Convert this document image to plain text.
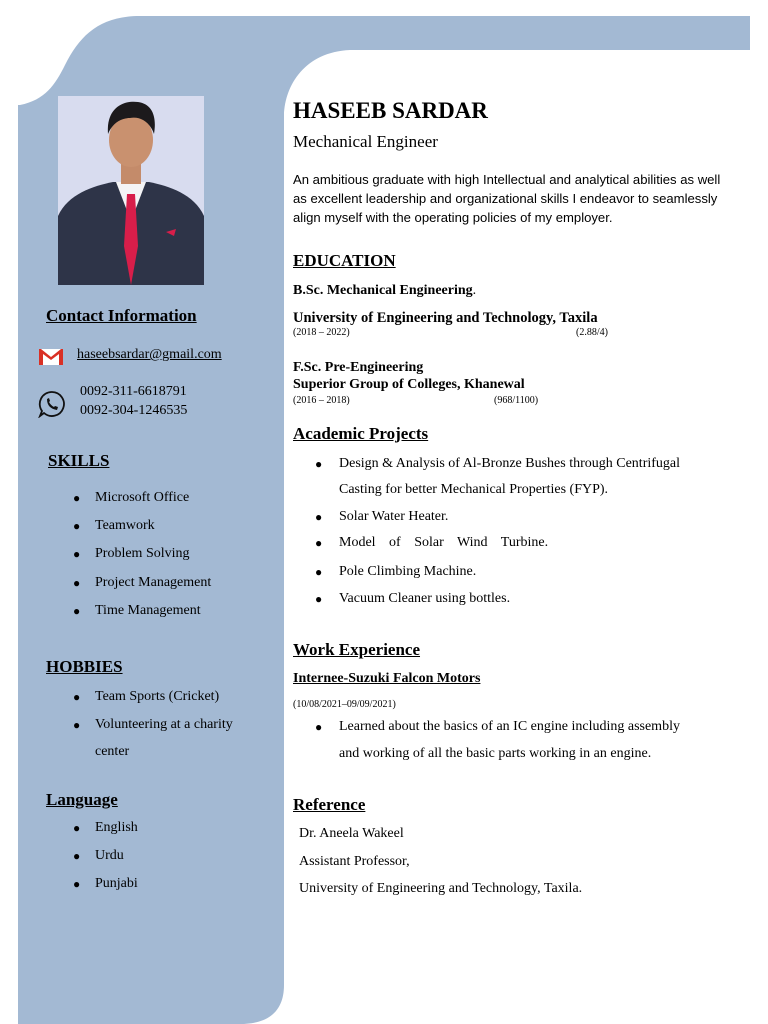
Contact Information
haseebsardar@gmail.com
0092-311-6618791
0092-304-1246535
SKILLS
● Microsoft Office
● Teamwork
● Problem Solving
● Project Management
● Time Management
HOBBIES
● Team Sports (Cricket)
● Volunteering at a charity
center
Language
● English
● Urdu
● Punjabi
HASEEB SARDAR
Mechanical Engineer
An ambitious graduate with high Intellectual and analytical abilities as well as excellent leadership and organizational skills I endeavor to seamlessly align myself with the operating policies of my employer.
EDUCATION
B.Sc. Mechanical Engineering.
University of Engineering and Technology, Taxila
(2018 – 2022)	(2.88/4)
F.Sc. Pre-Engineering
Superior Group of Colleges, Khanewal
(2016 – 2018)	(968/1100)
Academic Projects
● Design & Analysis of Al-Bronze Bushes through Centrifugal
Casting for better Mechanical Properties (FYP).
● Solar Water Heater.
● Model of Solar Wind Turbine.
● Pole Climbing Machine.
● Vacuum Cleaner using bottles.
Work Experience
Internee-Suzuki Falcon Motors
(10/08/2021–09/09/2021)
● Learned about the basics of an IC engine including assembly
and working of all the basic parts working in an engine.
Reference
Dr. Aneela Wakeel
Assistant Professor,
University of Engineering and Technology, Taxila.
